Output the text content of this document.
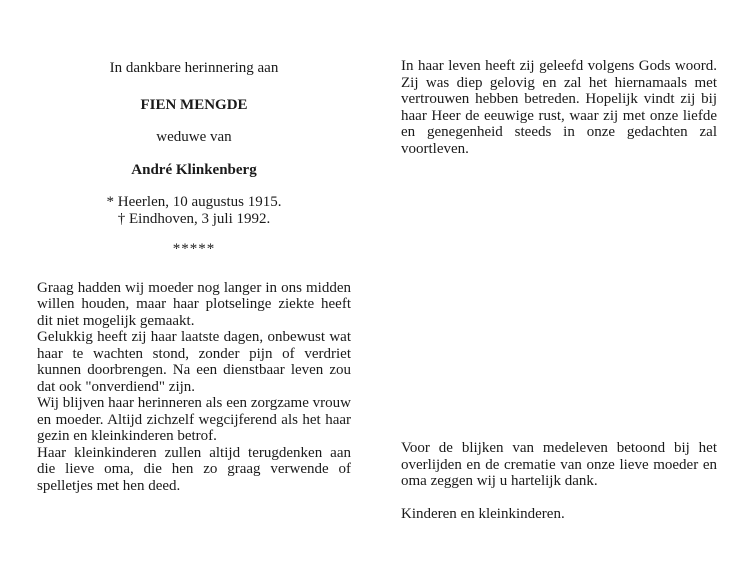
In dankbare herinnering aan
FIEN MENGDE
weduwe van
André Klinkenberg
* Heerlen, 10 augustus 1915.
† Eindhoven, 3 juli 1992.
*****

Graag hadden wij moeder nog langer in ons midden willen houden, maar haar plotselinge ziekte heeft dit niet mogelijk gemaakt.

Gelukkig heeft zij haar laatste dagen, onbewust wat haar te wachten stond, zonder pijn of verdriet kunnen doorbrengen. Na een dienstbaar leven zou dat ook "onverdiend" zijn.

Wij blijven haar herinneren als een zorgzame vrouw en moeder. Altijd zichzelf wegcijferend als het haar gezin en kleinkinderen betrof.

Haar kleinkinderen zullen altijd terugdenken aan die lieve oma, die hen zo graag verwende of spelletjes met hen deed.

In haar leven heeft zij geleefd volgens Gods woord. Zij was diep gelovig en zal het hiernamaals met vertrouwen hebben betreden. Hopelijk vindt zij bij haar Heer de eeuwige rust, waar zij met onze liefde en genegenheid steeds in onze gedachten zal voortleven.

Voor de blijken van medeleven betoond bij het overlijden en de crematie van onze lieve moeder en oma zeggen wij u hartelijk dank.

Kinderen en kleinkinderen.
